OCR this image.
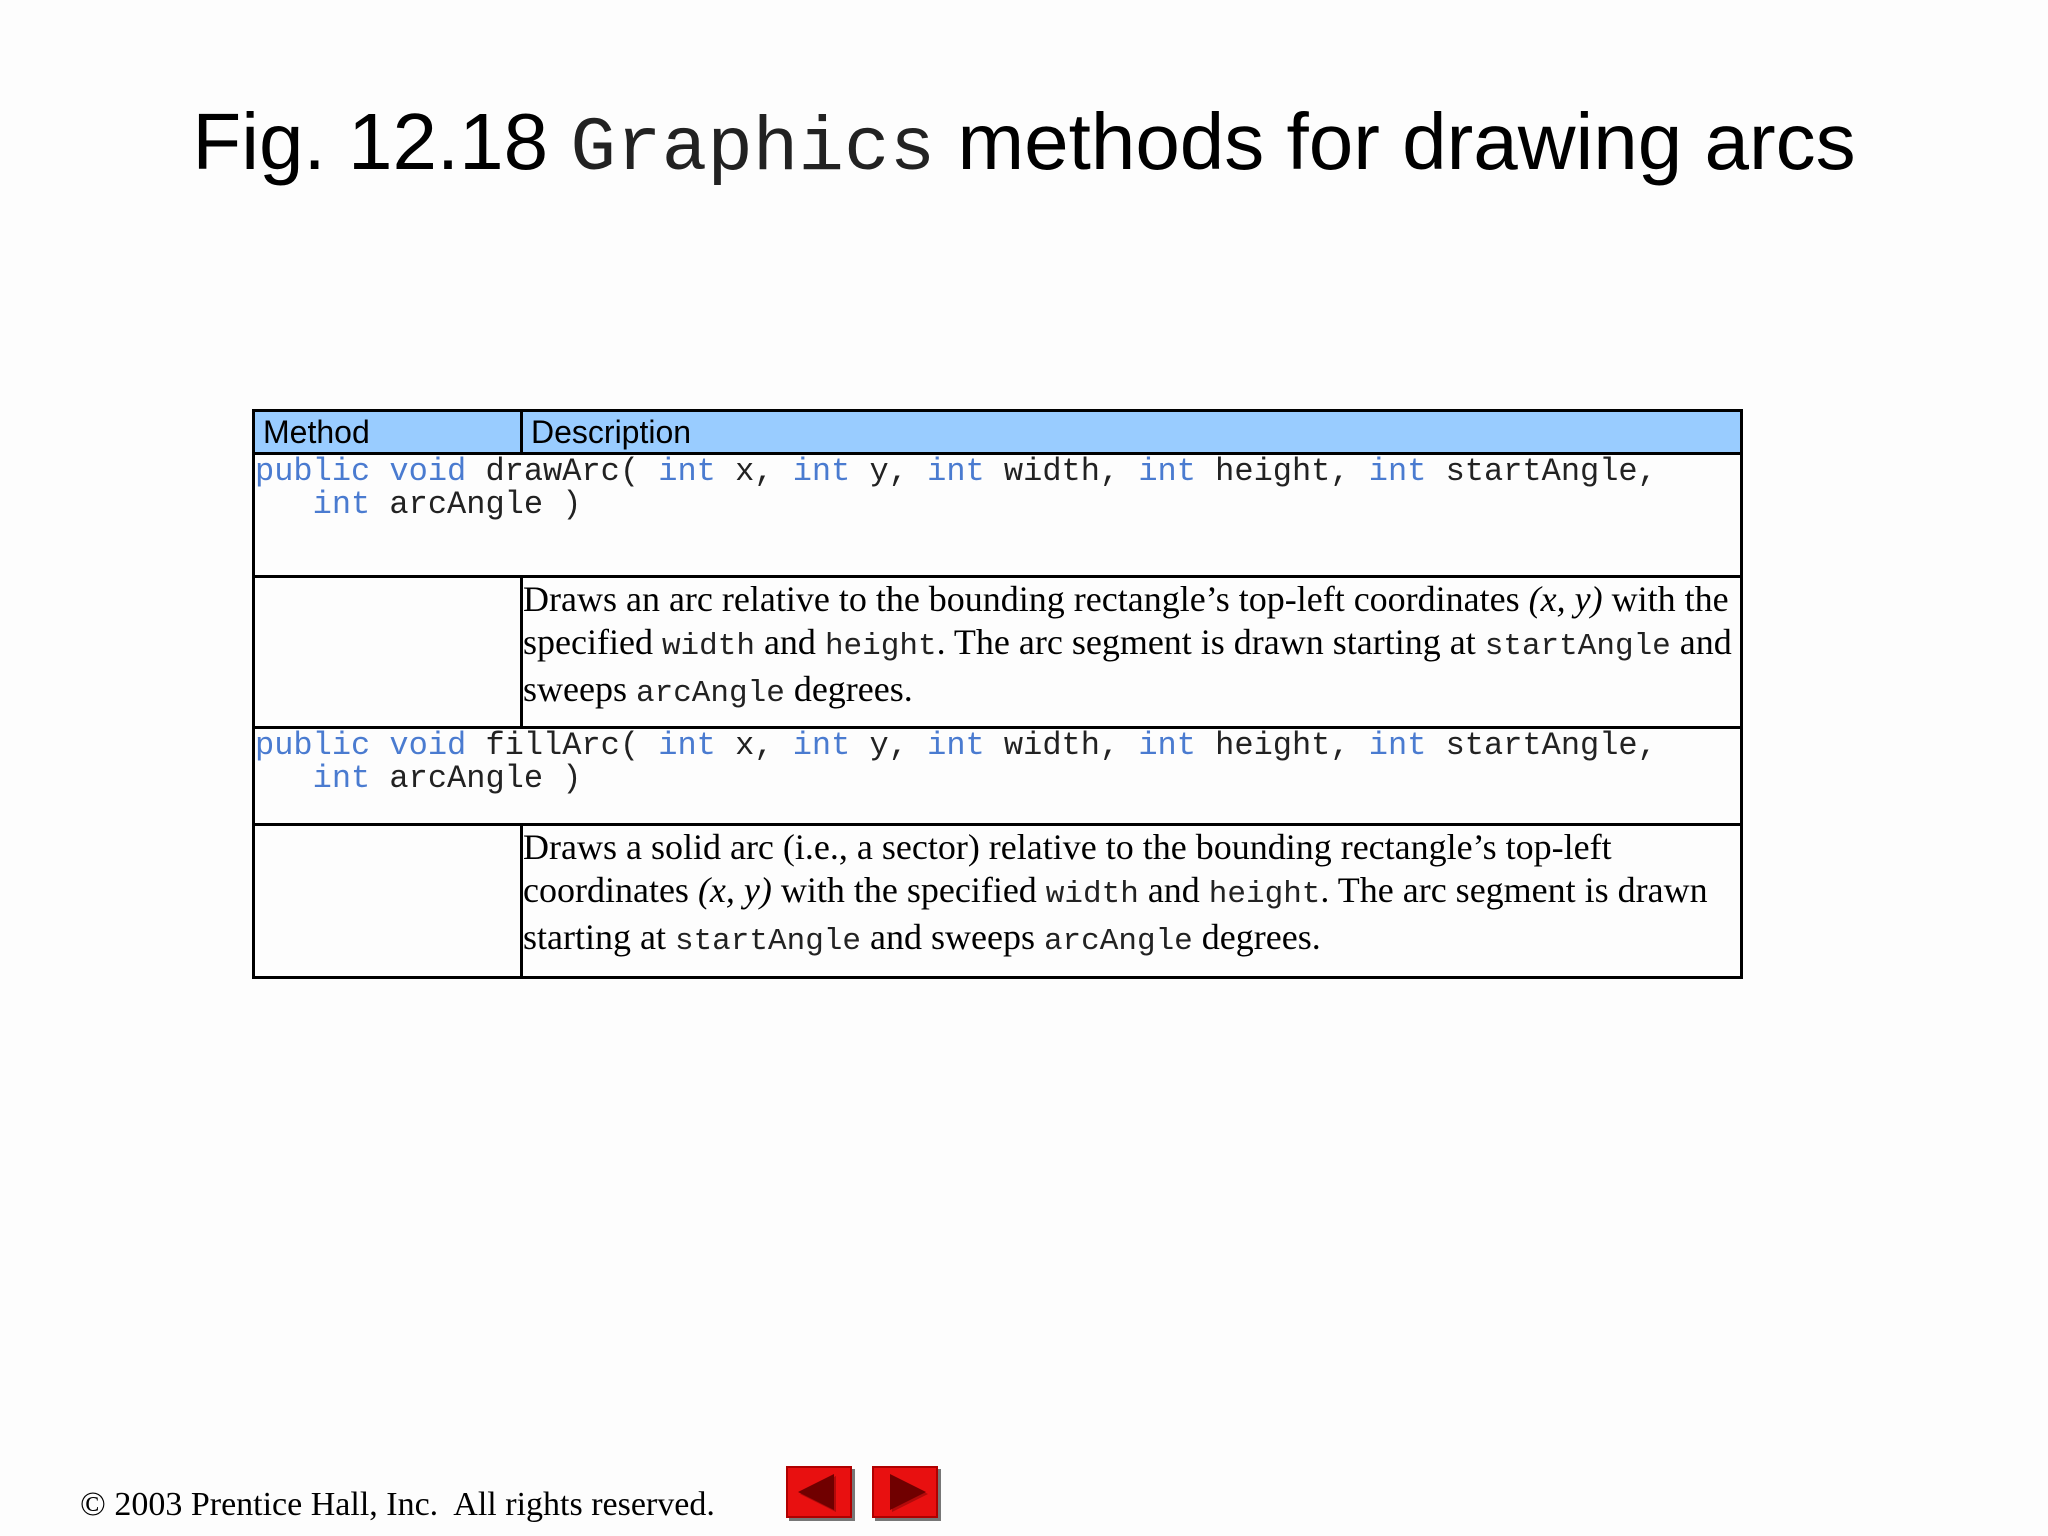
Fig. 12.18 Graphics methods for drawing arcs
Method	Description

public void drawArc( int x, int y, int width, int height, int startAngle,
int arcAngle )	

	Draws an arc relative to the bounding rectangle’s top-left coordinates (x, y) with the specified width and height. The arc segment is drawn starting at startAngle and sweeps arcAngle degrees.

public void fillArc( int x, int y, int width, int height, int startAngle,
int arcAngle )	

	Draws a solid arc (i.e., a sector) relative to the bounding rectangle’s top-left coordinates (x, y) with the specified width and height. The arc segment is drawn starting at startAngle and sweeps arcAngle degrees.
© 2003 Prentice Hall, Inc.  All rights reserved.
